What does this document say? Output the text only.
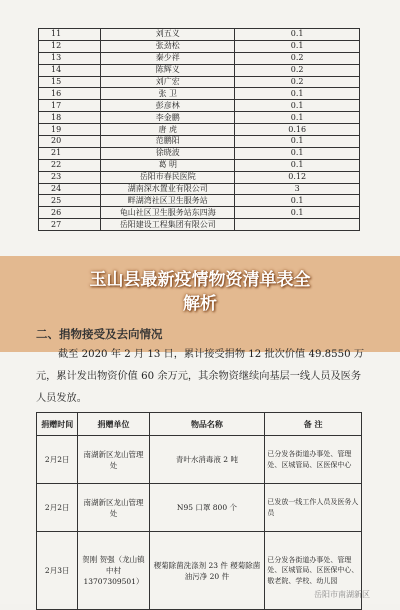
11	刘五义	0.1
12	张劲松	0.1
13	秦少祥	0.2
14	陈辉义	0.2
15	刘广宏	0.2
16	张 卫	0.1
17	彭彦林	0.1
18	李金鹏	0.1
19	唐 虎	0.16
20	范鹏阳	0.1
21	徐晓波	0.1
22	葛 明	0.1
23	岳阳市春民医院	0.12
24	湖南深水置业有限公司	3
25	畔湖湾社区卫生服务站	0.1
26	龟山社区卫生服务站东四海	0.1
27	岳阳建设工程集团有限公司	
玉山县最新疫情物资清单表全
解析
二、捐物接受及去向情况
截至 2020 年 2 月 13 日，累计接受捐物 12 批次价值 49.8550 万元，累计发出物资价值 60 余万元，其余物资继续向基层一线人员及医务人员发放。
捐赠时间	捐赠单位	物品名称	备 注
2月2日	南湖新区龙山管理处	青叶水消毒液 2 吨	已分发各街道办事处、管理处、区城管局、区医保中心
2月2日	南湖新区龙山管理处	N95 口罩 800 个	已发放一线工作人员及医务人员
2月3日	贺刚 贺强（龙山镇中村 13707309501）	稷菊除菌洗涤剂 23 件 稷菊除菌油污净 20 件	已分发各街道办事处、管理处、区城管局、区医保中心、敬老院、学校、幼儿园
岳阳市南湖新区
